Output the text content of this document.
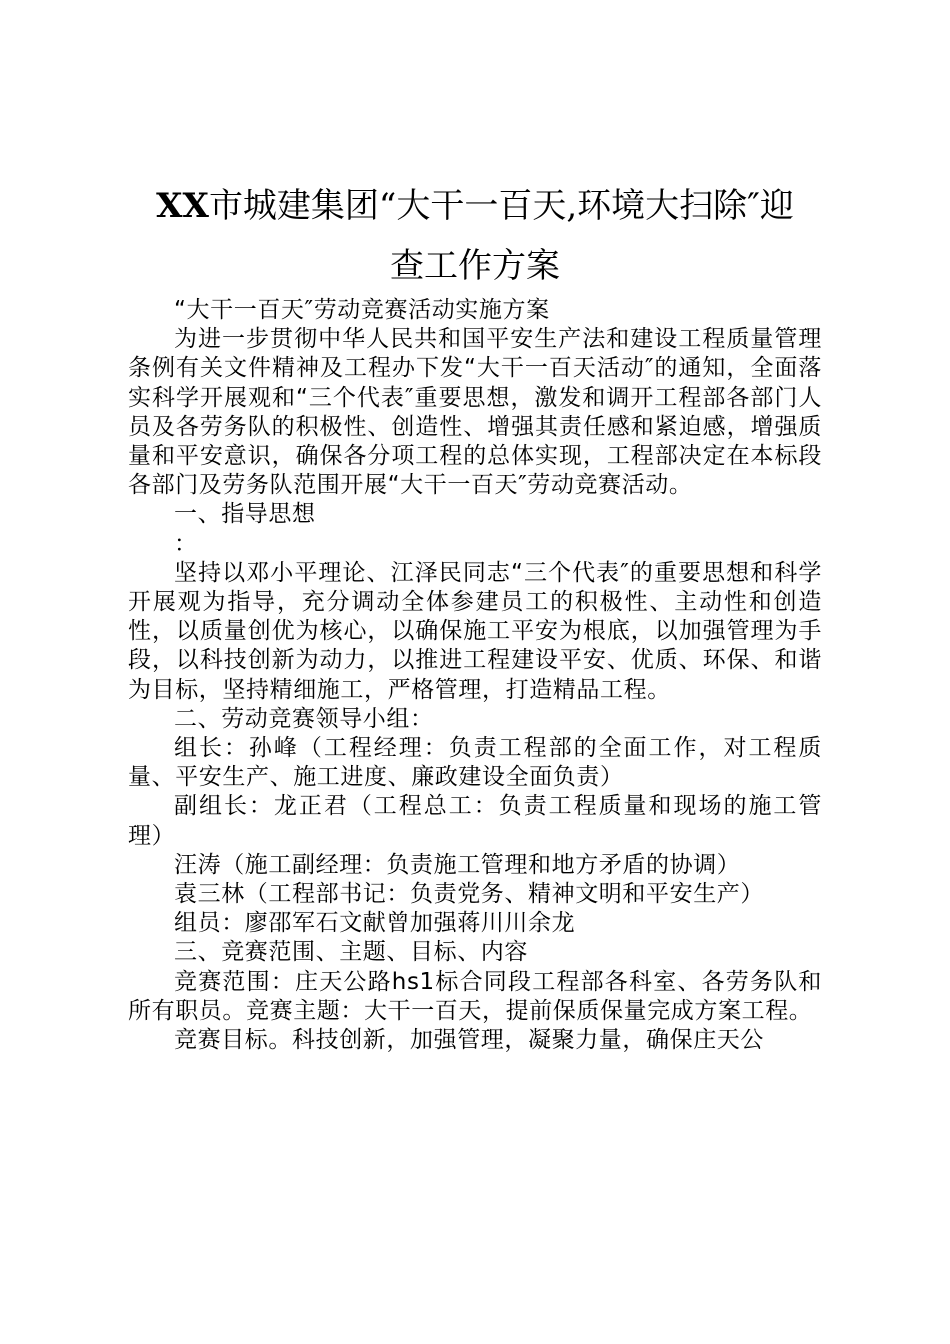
XX市城建集团“大干一百天,环境大扫除″迎
查工作方案

“大干一百天″劳动竞赛活动实施方案

为进一步贯彻中华人民共和国平安生产法和建设工程质量管理条例有关文件精神及工程办下发“大干一百天活动″的通知，全面落实科学开展观和“三个代表″重要思想，激发和调开工程部各部门人员及各劳务队的积极性、创造性、增强其责任感和紧迫感，增强质量和平安意识，确保各分项工程的总体实现，工程部决定在本标段各部门及劳务队范围开展“大干一百天″劳动竞赛活动。

一、指导思想

：

坚持以邓小平理论、江泽民同志“三个代表″的重要思想和科学开展观为指导，充分调动全体参建员工的积极性、主动性和创造性，以质量创优为核心，以确保施工平安为根底，以加强管理为手段，以科技创新为动力，以推进工程建设平安、优质、环保、和谐为目标，坚持精细施工，严格管理，打造精品工程。

二、劳动竞赛领导小组：

组长：孙峰（工程经理：负责工程部的全面工作，对工程质量、平安生产、施工进度、廉政建设全面负责）

副组长：龙正君（工程总工：负责工程质量和现场的施工管理）

汪涛（施工副经理：负责施工管理和地方矛盾的协调）

袁三林（工程部书记：负责党务、精神文明和平安生产）

组员：廖邵军石文献曾加强蒋川川余龙

三、竞赛范围、主题、目标、内容

竞赛范围：庄天公路hs1标合同段工程部各科室、各劳务队和所有职员。竞赛主题：大干一百天，提前保质保量完成方案工程。

竞赛目标。科技创新，加强管理，凝聚力量，确保庄天公
